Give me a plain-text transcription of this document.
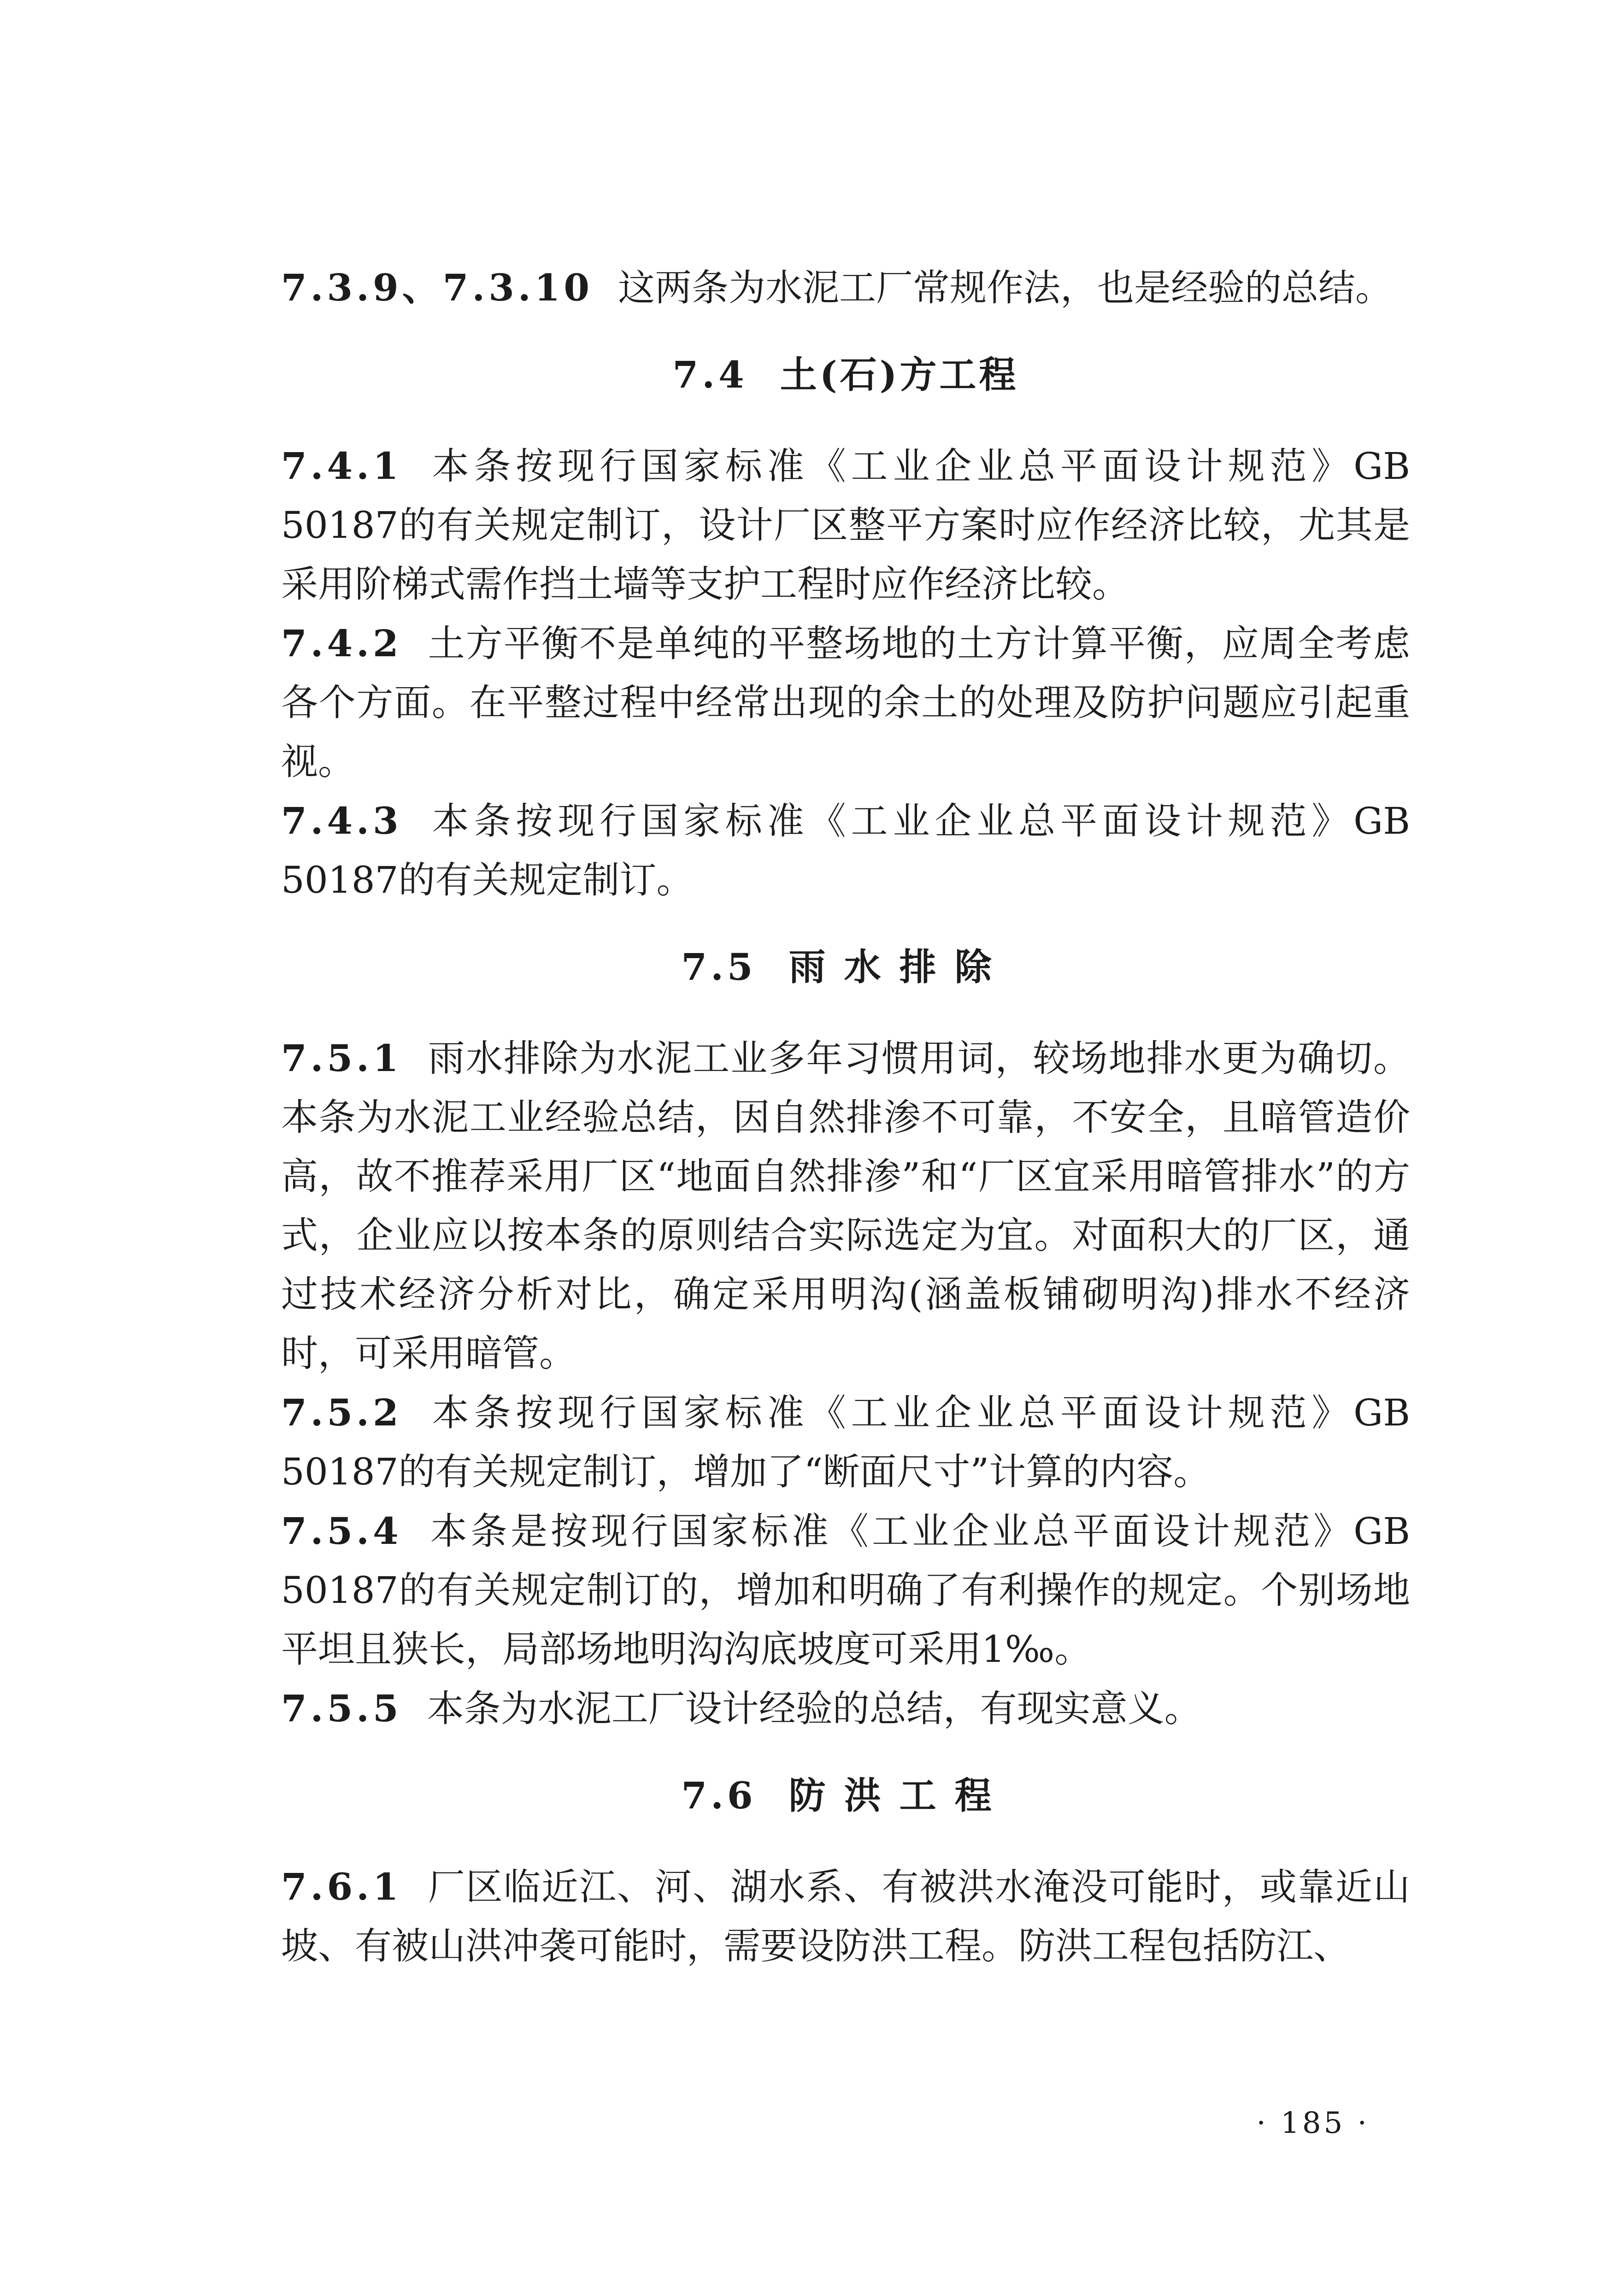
7.3.9、7.3.10 这两条为水泥工厂常规作法，也是经验的总结。

7.4 土(石)方工程

7.4.1 本条按现行国家标准《工业企业总平面设计规范》GB 50187的有关规定制订，设计厂区整平方案时应作经济比较，尤其是采用阶梯式需作挡土墙等支护工程时应作经济比较。

7.4.2 土方平衡不是单纯的平整场地的土方计算平衡，应周全考虑各个方面。在平整过程中经常出现的余土的处理及防护问题应引起重视。

7.4.3 本条按现行国家标准《工业企业总平面设计规范》GB 50187的有关规定制订。

7.5 雨水排除

7.5.1 雨水排除为水泥工业多年习惯用词，较场地排水更为确切。本条为水泥工业经验总结，因自然排渗不可靠，不安全，且暗管造价高，故不推荐采用厂区“地面自然排渗”和“厂区宜采用暗管排水”的方式，企业应以按本条的原则结合实际选定为宜。对面积大的厂区，通过技术经济分析对比，确定采用明沟(涵盖板铺砌明沟)排水不经济时，可采用暗管。

7.5.2 本条按现行国家标准《工业企业总平面设计规范》GB 50187的有关规定制订，增加了“断面尺寸”计算的内容。

7.5.4 本条是按现行国家标准《工业企业总平面设计规范》GB 50187的有关规定制订的，增加和明确了有利操作的规定。个别场地平坦且狭长，局部场地明沟沟底坡度可采用1‰。

7.5.5 本条为水泥工厂设计经验的总结，有现实意义。

7.6 防洪工程

7.6.1 厂区临近江、河、湖水系、有被洪水淹没可能时，或靠近山坡、有被山洪冲袭可能时，需要设防洪工程。防洪工程包括防江、

· 185 ·
